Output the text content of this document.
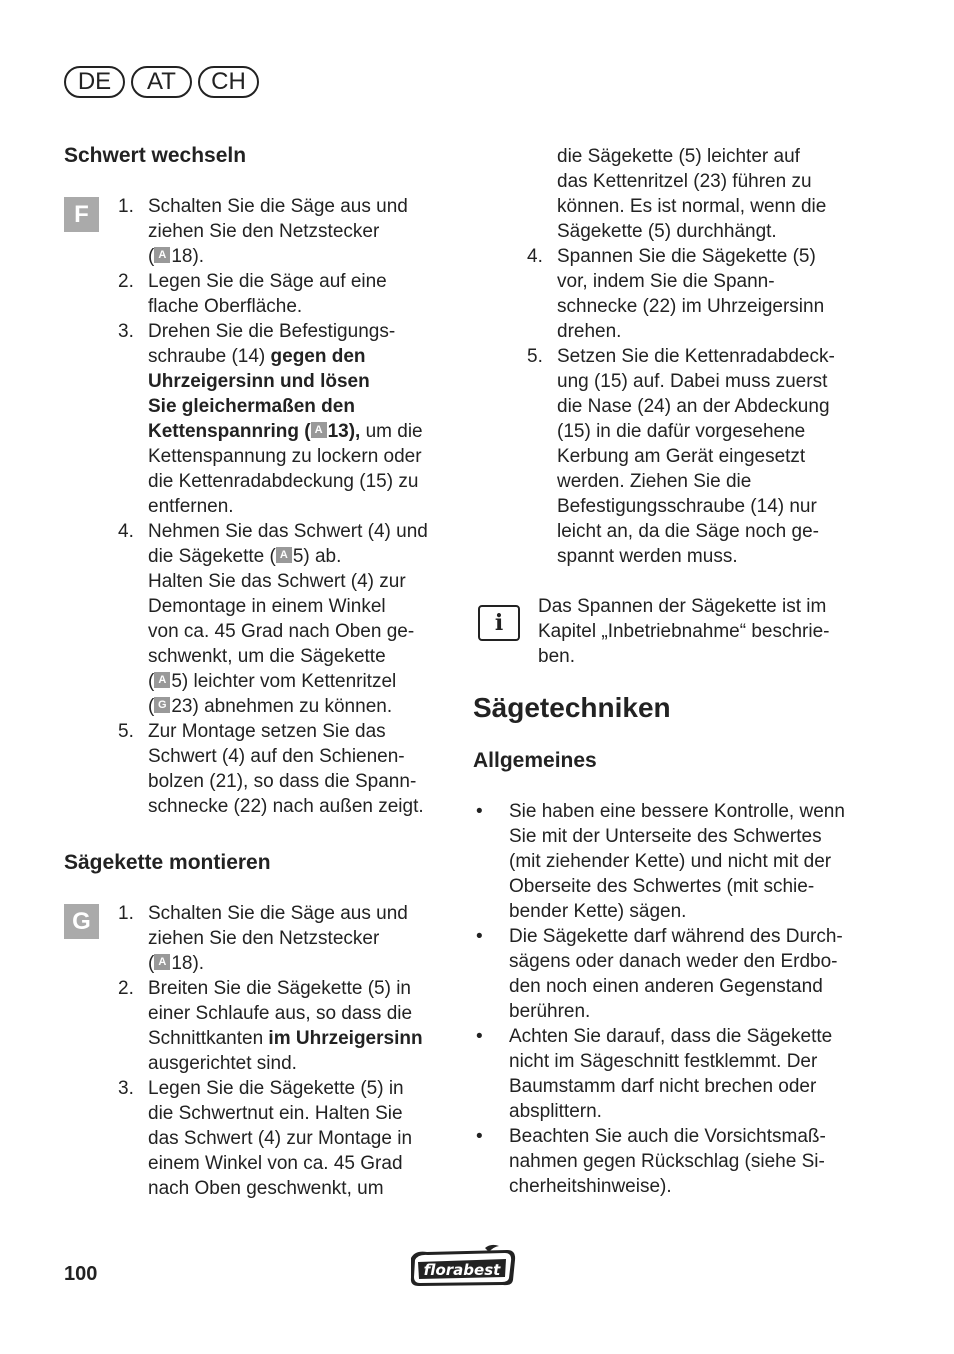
DE	AT	CH
Schwert wechseln
F	1. Schalten Sie die Säge aus und
ziehen Sie den Netzstecker
( A 18).
2. Legen Sie die Säge auf eine
flache Oberfläche.
3. Drehen Sie die Befestigungs-
schraube (14) gegen den
Uhrzeigersinn und lösen
Sie gleichermaßen den
Kettenspannring ( A 13), um die
Kettenspannung zu lockern oder
die Kettenradabdeckung (15) zu
entfernen.
4. Nehmen Sie das Schwert (4) und
die Sägekette ( A 5) ab.
Halten Sie das Schwert (4) zur
Demontage in einem Winkel
von ca. 45 Grad nach Oben ge-
schwenkt, um die Sägekette
( A 5) leichter vom Kettenritzel
( G 23) abnehmen zu können.
5. Zur Montage setzen Sie das
Schwert (4) auf den Schienen-
bolzen (21), so dass die Spann-
schnecke (22) nach außen zeigt.
Sägekette montieren
G	1. Schalten Sie die Säge aus und
ziehen Sie den Netzstecker
( A 18).
2. Breiten Sie die Sägekette (5) in
einer Schlaufe aus, so dass die
Schnittkanten im Uhrzeigersinn
ausgerichtet sind.
3. Legen Sie die Sägekette (5) in
die Schwertnut ein. Halten Sie
das Schwert (4) zur Montage in
einem Winkel von ca. 45 Grad
nach Oben geschwenkt, um
die Sägekette (5) leichter auf
das Kettenritzel (23) führen zu
können. Es ist normal, wenn die
Sägekette (5) durchhängt.
4. Spannen Sie die Sägekette (5)
vor, indem Sie die Spann-
schnecke (22) im Uhrzeigersinn
drehen.
5. Setzen Sie die Kettenradabdeck-
ung (15) auf. Dabei muss zuerst
die Nase (24) an der Abdeckung
(15) in die dafür vorgesehene
Kerbung am Gerät eingesetzt
werden. Ziehen Sie die
Befestigungsschraube (14) nur
leicht an, da die Säge noch ge-
spannt werden muss.
i
Das Spannen der Sägekette ist im
Kapitel „Inbetriebnahme“ beschrie-
ben.
Sägetechniken
Allgemeines
• Sie haben eine bessere Kontrolle, wenn
Sie mit der Unterseite des Schwertes
(mit ziehender Kette) und nicht mit der
Oberseite des Schwertes (mit schie-
bender Kette) sägen.
• Die Sägekette darf während des Durch-
sägens oder danach weder den Erdbo-
den noch einen anderen Gegenstand
berühren.
• Achten Sie darauf, dass die Sägekette
nicht im Sägeschnitt festklemmt. Der
Baumstamm darf nicht brechen oder
absplittern.
• Beachten Sie auch die Vorsichtsmaß-
nahmen gegen Rückschlag (siehe Si-
cherheitshinweise).
100	florabest
